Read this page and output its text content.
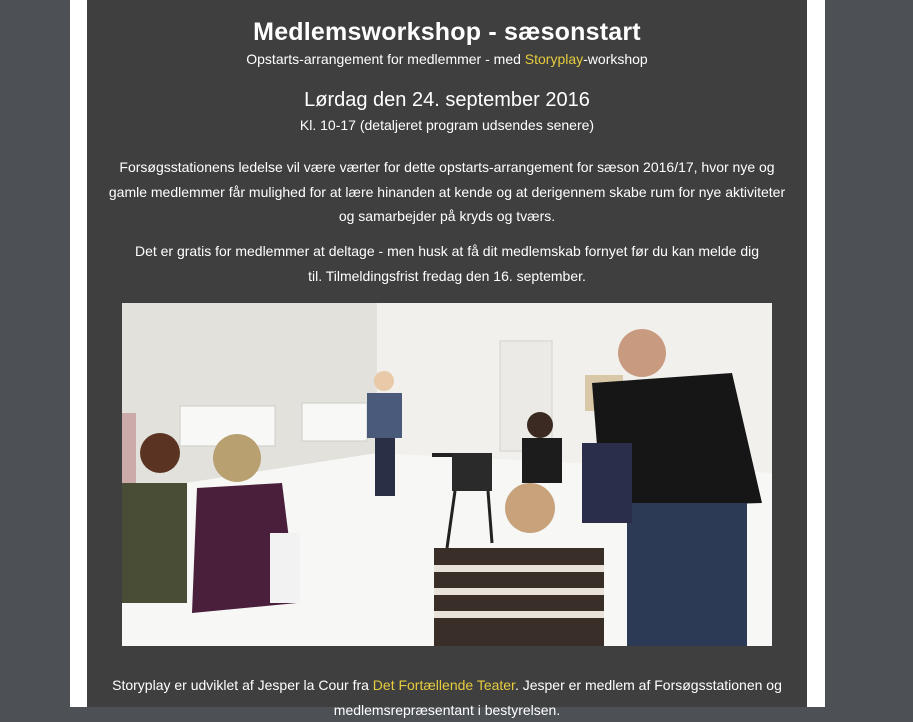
Medlemsworkshop - sæsonstart
Opstarts-arrangement for medlemmer - med Storyplay-workshop
Lørdag den 24. september 2016
Kl. 10-17 (detaljeret program udsendes senere)
Forsøgsstationens ledelse vil være værter for dette opstarts-arrangement for sæson 2016/17, hvor nye og
gamle medlemmer får mulighed for at lære hinanden at kende og at derigennem skabe rum for nye aktiviteter
og samarbejder på kryds og tværs.
Det er gratis for medlemmer at deltage - men husk at få dit medlemskab fornyet før du kan melde dig
til. Tilmeldingsfrist fredag den 16. september.
Storyplay er udviklet af Jesper la Cour fra Det Fortællende Teater. Jesper er medlem af Forsøgsstationen og
medlemsrepræsentant i bestyrelsen.
